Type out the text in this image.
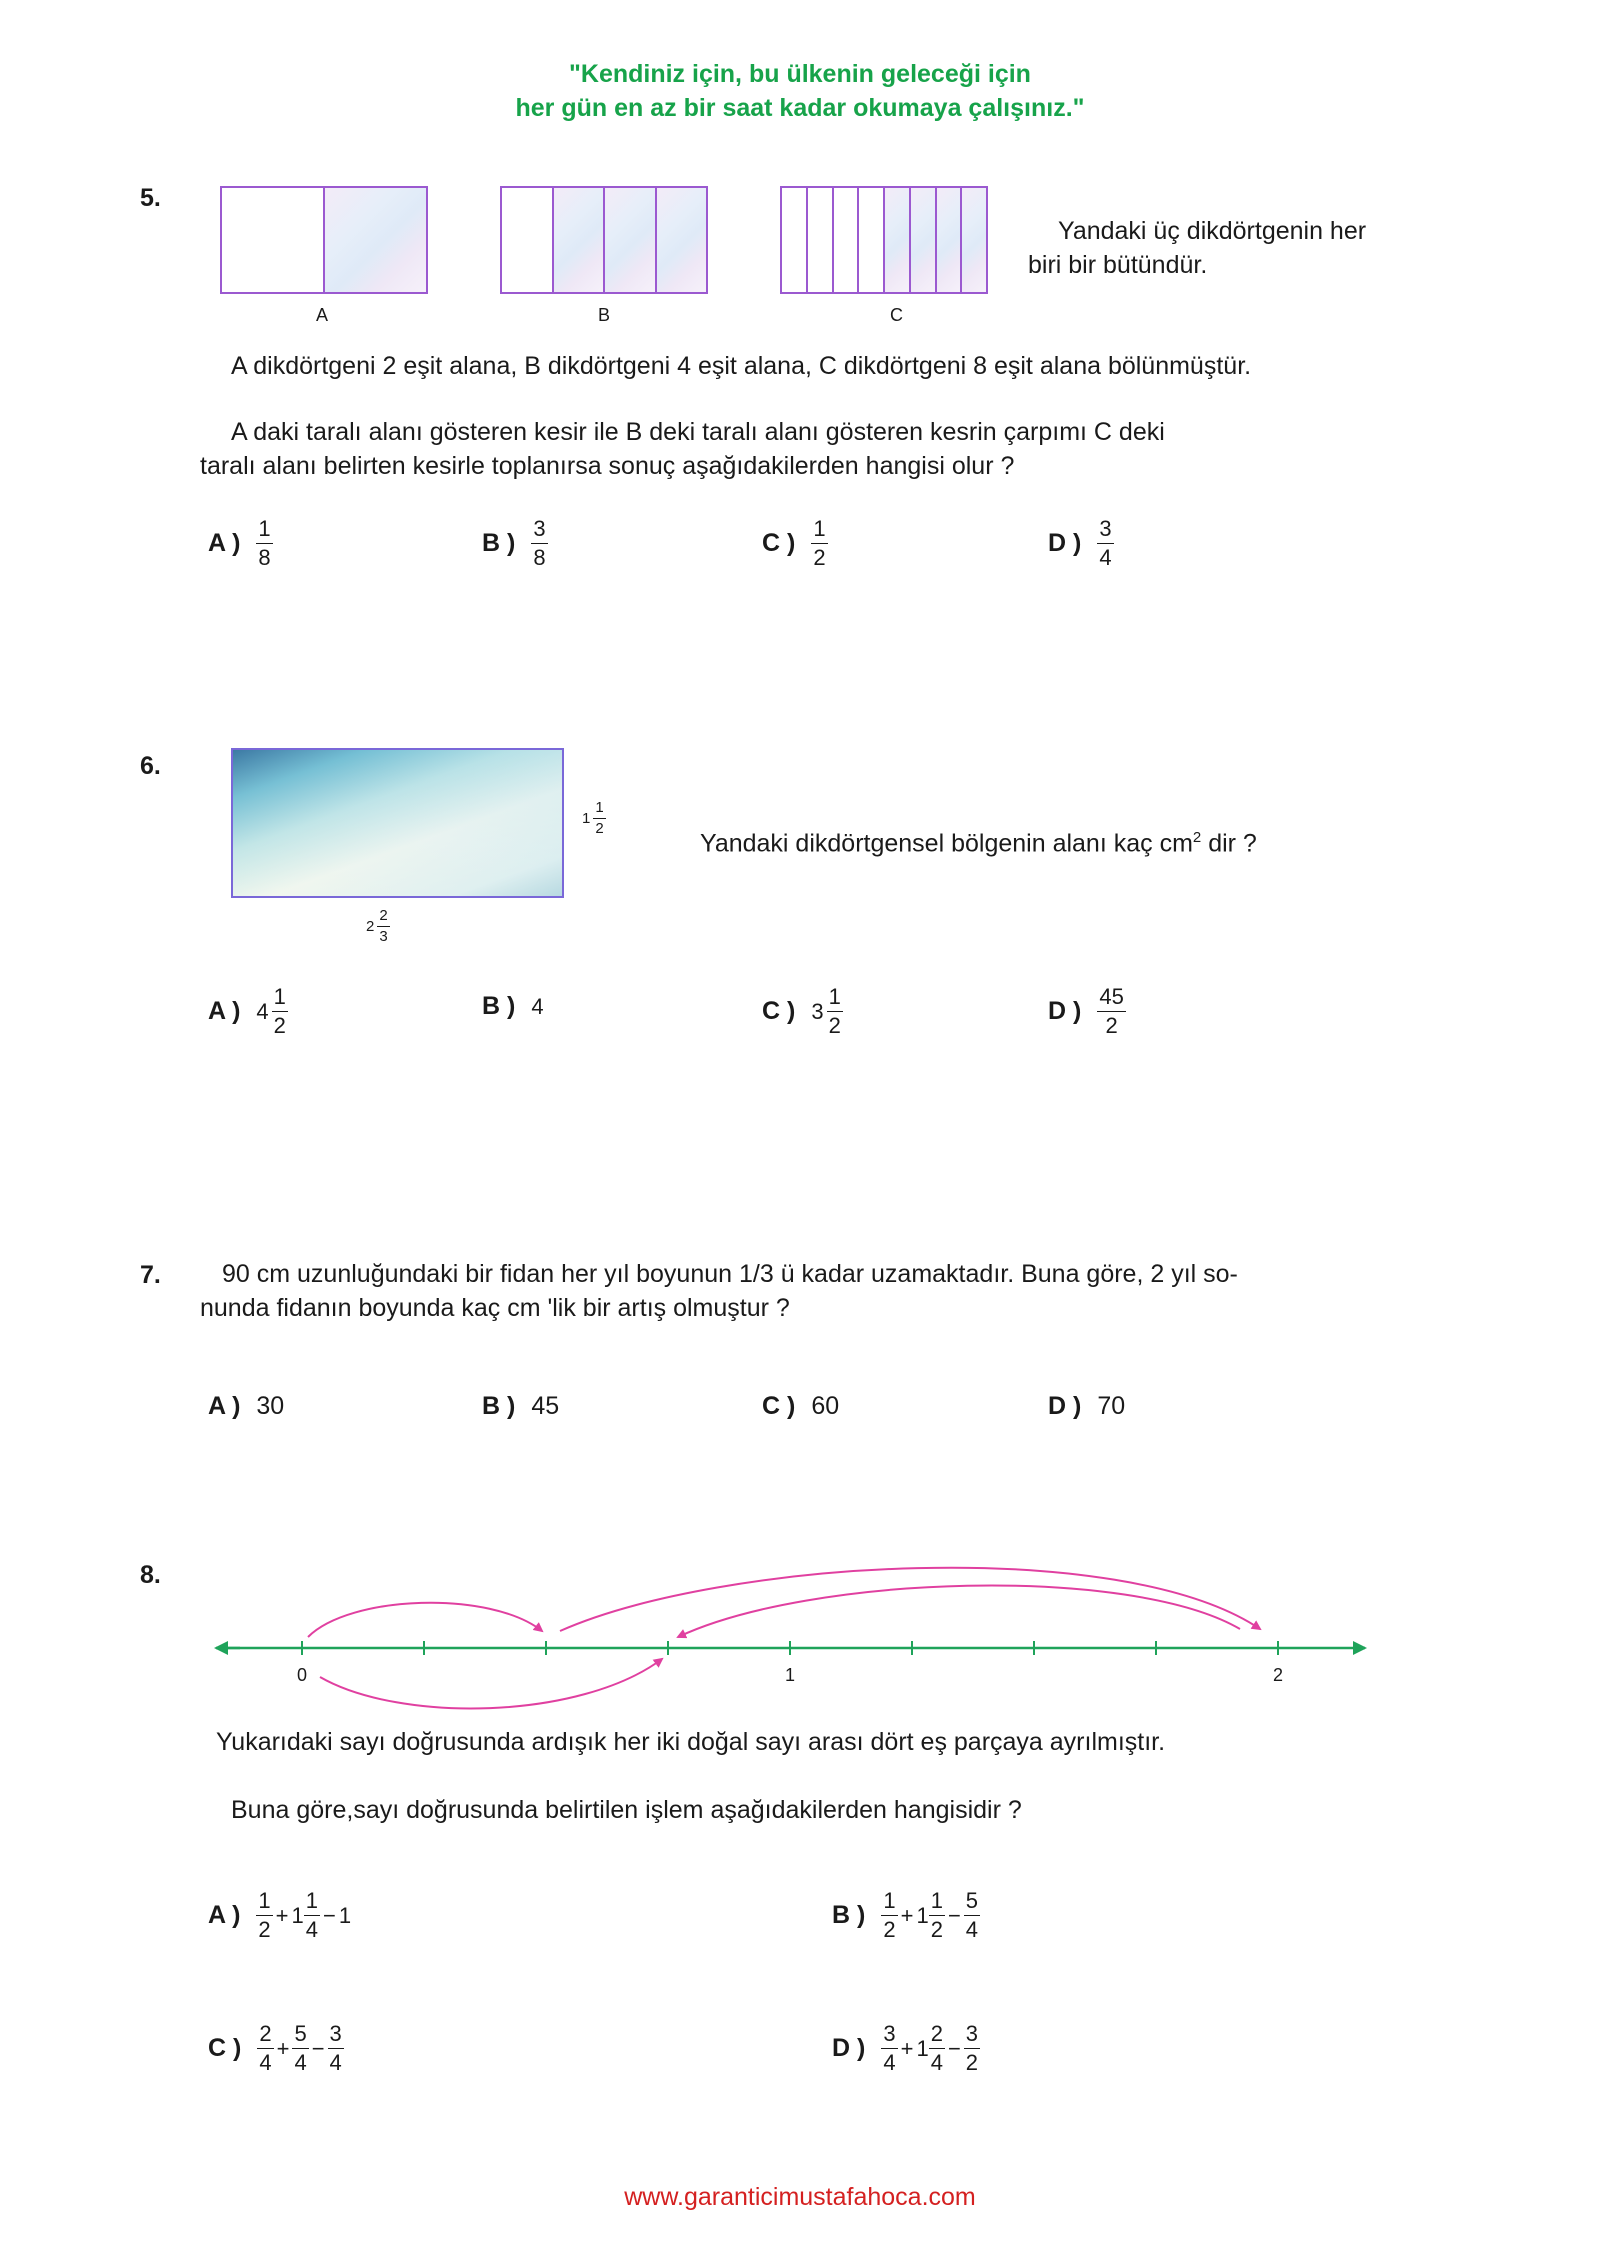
"Kendiniz için, bu ülkenin geleceği için
her gün en az bir saat kadar okumaya çalışınız."
5.
A	B	C
Yandaki üç dikdörtgenin her
biri bir bütündür.
A dikdörtgeni 2 eşit alana, B dikdörtgeni 4 eşit alana, C dikdörtgeni 8 eşit alana bölünmüştür.
A daki taralı alanı gösteren kesir ile B deki taralı alanı gösteren kesrin çarpımı C deki
taralı alanı belirten kesirle toplanırsa sonuç aşağıdakilerden hangisi olur ?
A ) $\frac{1}{8}$	B ) $\frac{3}{8}$	C ) $\frac{1}{2}$	D ) $\frac{3}{4}$
6.
$1 \frac{1}{2}$
$2 \frac{2}{3}$
Yandaki dikdörtgensel bölgenin alanı kaç $cm^2$ dir ?
A ) $4 \frac{1}{2}$	B ) 4	C ) $3 \frac{1}{2}$	D ) $\frac{45}{2}$
7. 90 cm uzunluğundaki bir fidan her yıl boyunun 1/3 ü kadar uzamaktadır. Buna göre, 2 yıl so-
nunda fidanın boyunda kaç cm 'lik bir artış olmuştur ?
A ) 30	B ) 45	C ) 60	D ) 70
8.
0	1	2
Yukarıdaki sayı doğrusunda ardışık her iki doğal sayı arası dört eş parçaya ayrılmıştır.
Buna göre,sayı doğrusunda belirtilen işlem aşağıdakilerden hangisidir ?
A ) $\frac{1}{2} + 1 \frac{1}{4} - 1$	B ) $\frac{1}{2} + 1 \frac{1}{2} - \frac{5}{4}$
C ) $\frac{2}{4} + \frac{5}{4} - \frac{3}{4}$	D ) $\frac{3}{4} + 1 \frac{2}{4} - \frac{3}{2}$
www.garanticimustafahoca.com
